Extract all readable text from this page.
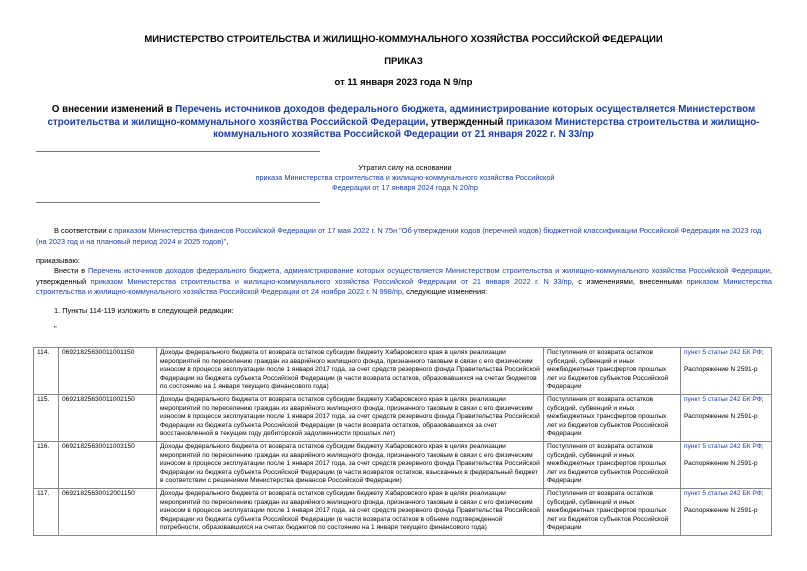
МИНИСТЕРСТВО СТРОИТЕЛЬСТВА И ЖИЛИЩНО-КОММУНАЛЬНОГО ХОЗЯЙСТВА РОССИЙСКОЙ ФЕДЕРАЦИИ
ПРИКАЗ
от 11 января 2023 года N 9/пр
О внесении изменений в Перечень источников доходов федерального бюджета, администрирование которых осуществляется Министерством строительства и жилищно-коммунального хозяйства Российской Федерации, утвержденный приказом Министерства строительства и жилищно-коммунального хозяйства Российской Федерации от 21 января 2022 г. N 33/пр
Утратил силу на основании
приказа Министерства строительства и жилищно-коммунального хозяйства Российской Федерации от 17 января 2024 года N 20/пр
В соответствии с приказом Министерства финансов Российской Федерации от 17 мая 2022 г. N 75н "Об утверждении кодов (перечней кодов) бюджетной классификации Российской Федерации на 2023 год (на 2023 год и на плановый период 2024 и 2025 годов)",
приказываю:
Внести в Перечень источников доходов федерального бюджета, администрирование которых осуществляется Министерством строительства и жилищно-коммунального хозяйства Российской Федерации, утвержденный приказом Министерства строительства и жилищно-коммунального хозяйства Российской Федерации от 21 января 2022 г. N 33/пр, с изменениями, внесенными приказом Министерства строительства и жилищно-коммунального хозяйства Российской Федерации от 24 ноября 2022 г. N 998/пр, следующие изменения:
1. Пункты 114-119 изложить в следующей редакции:
"
114.	06921825630011001150	Доходы федерального бюджета от возврата остатков субсидии бюджету Хабаровского края в целях реализации мероприятий по переселению граждан из аварийного жилищного фонда, признанного таковым в связи с его физическим износом в процессе эксплуатации после 1 января 2017 года, за счет средств резервного фонда Правительства Российской Федерации из бюджета субъекта Российской Федерации (в части возврата остатков, образовавшихся на счетах бюджетов по состоянию на 1 января текущего финансового года)	Поступления от возврата остатков субсидий, субвенций и иных межбюджетных трансфертов прошлых лет из бюджетов субъектов Российской Федерации	пункт 5 статьи 242 БК РФ;

Распоряжение N 2591-р
115.	06921825630011002150	Доходы федерального бюджета от возврата остатков субсидии бюджету Хабаровского края в целях реализации мероприятий по переселению граждан из аварийного жилищного фонда, признанного таковым в связи с его физическим износом в процессе эксплуатации после 1 января 2017 года, за счет средств резервного фонда Правительства Российской Федерации из бюджета субъекта Российской Федерации (в части возврата остатков, образовавшихся за счет восстановленной в текущем году дебиторской задолженности прошлых лет)	Поступления от возврата остатков субсидий, субвенций и иных межбюджетных трансфертов прошлых лет из бюджетов субъектов Российской Федерации	пункт 5 статьи 242 БК РФ;

Распоряжение N 2591-р
116.	06921825630011003150	Доходы федерального бюджета от возврата остатков субсидии бюджету Хабаровского края в целях реализации мероприятий по переселению граждан из аварийного жилищного фонда, признанного таковым в связи с его физическим износом в процессе эксплуатации после 1 января 2017 года, за счет средств резервного фонда Правительства Российской Федерации из бюджета субъекта Российской Федерации (в части возвратов остатков, взысканных в федеральный бюджет в соответствии с решениями Министерства финансов Российской Федерации)	Поступления от возврата остатков субсидий, субвенций и иных межбюджетных трансфертов прошлых лет из бюджетов субъектов Российской Федерации	пункт 5 статьи 242 БК РФ;

Распоряжение N 2591-р
117.	06921825630012001150	Доходы федерального бюджета от возврата остатков субсидии бюджету Хабаровского края в целях реализации мероприятий по переселению граждан из аварийного жилищного фонда, признанного таковым в связи с его физическим износом в процессе эксплуатации после 1 января 2017 года, за счет средств резервного фонда Правительства Российской Федерации из бюджета субъекта Российской Федерации (в части возврата остатков в объеме подтвержденной потребности, образовавшихся на счетах бюджетов по состоянию на 1 января текущего финансового года)	Поступления от возврата остатков субсидий, субвенций и иных межбюджетных трансфертов прошлых лет из бюджетов субъектов Российской Федерации	пункт 5 статьи 242 БК РФ;

Распоряжение N 2591-р
